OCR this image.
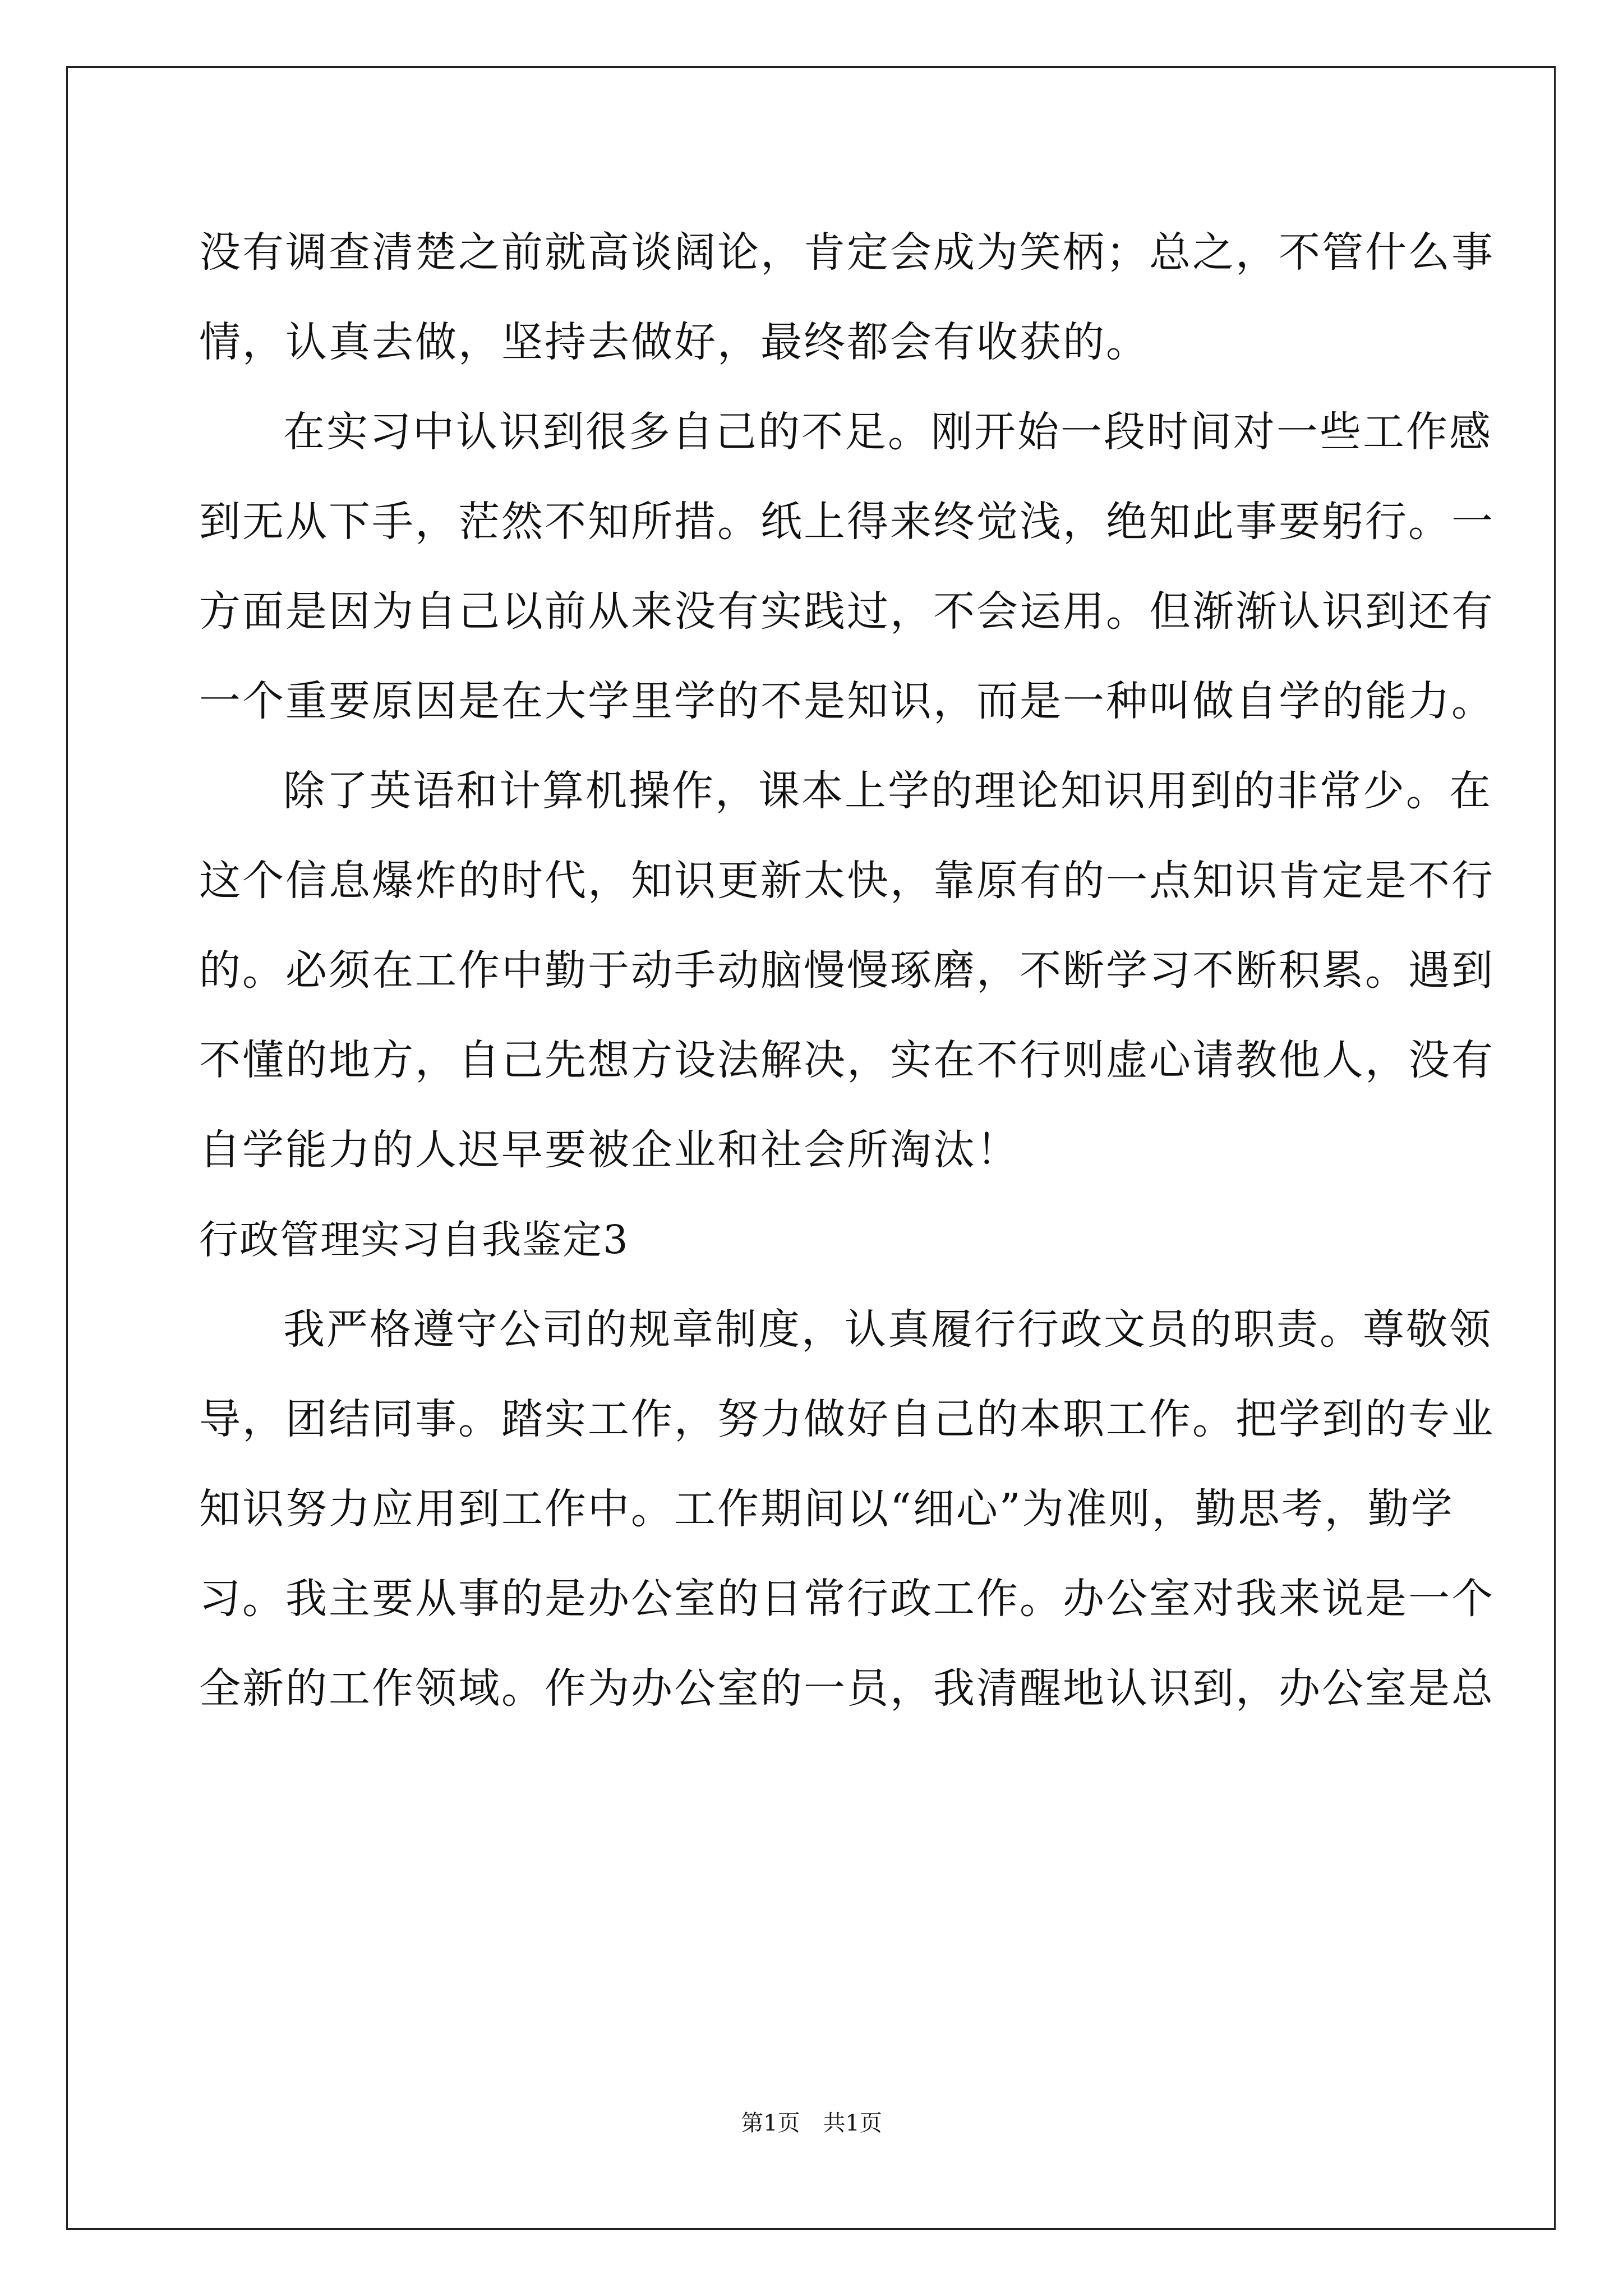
没有调查清楚之前就高谈阔论，肯定会成为笑柄；总之，不管什么事
情，认真去做，坚持去做好，最终都会有收获的。
在实习中认识到很多自己的不足。刚开始一段时间对一些工作感
到无从下手，茫然不知所措。纸上得来终觉浅，绝知此事要躬行。一
方面是因为自己以前从来没有实践过，不会运用。但渐渐认识到还有
一个重要原因是在大学里学的不是知识，而是一种叫做自学的能力。
除了英语和计算机操作，课本上学的理论知识用到的非常少。在
这个信息爆炸的时代，知识更新太快，靠原有的一点知识肯定是不行
的。必须在工作中勤于动手动脑慢慢琢磨，不断学习不断积累。遇到
不懂的地方，自己先想方设法解决，实在不行则虚心请教他人，没有
自学能力的人迟早要被企业和社会所淘汰！
行政管理实习自我鉴定3
我严格遵守公司的规章制度，认真履行行政文员的职责。尊敬领
导，团结同事。踏实工作，努力做好自己的本职工作。把学到的专业
知识努力应用到工作中。工作期间以“细心”为准则，勤思考，勤学
习。我主要从事的是办公室的日常行政工作。办公室对我来说是一个
全新的工作领域。作为办公室的一员，我清醒地认识到，办公室是总
第1页 共1页
